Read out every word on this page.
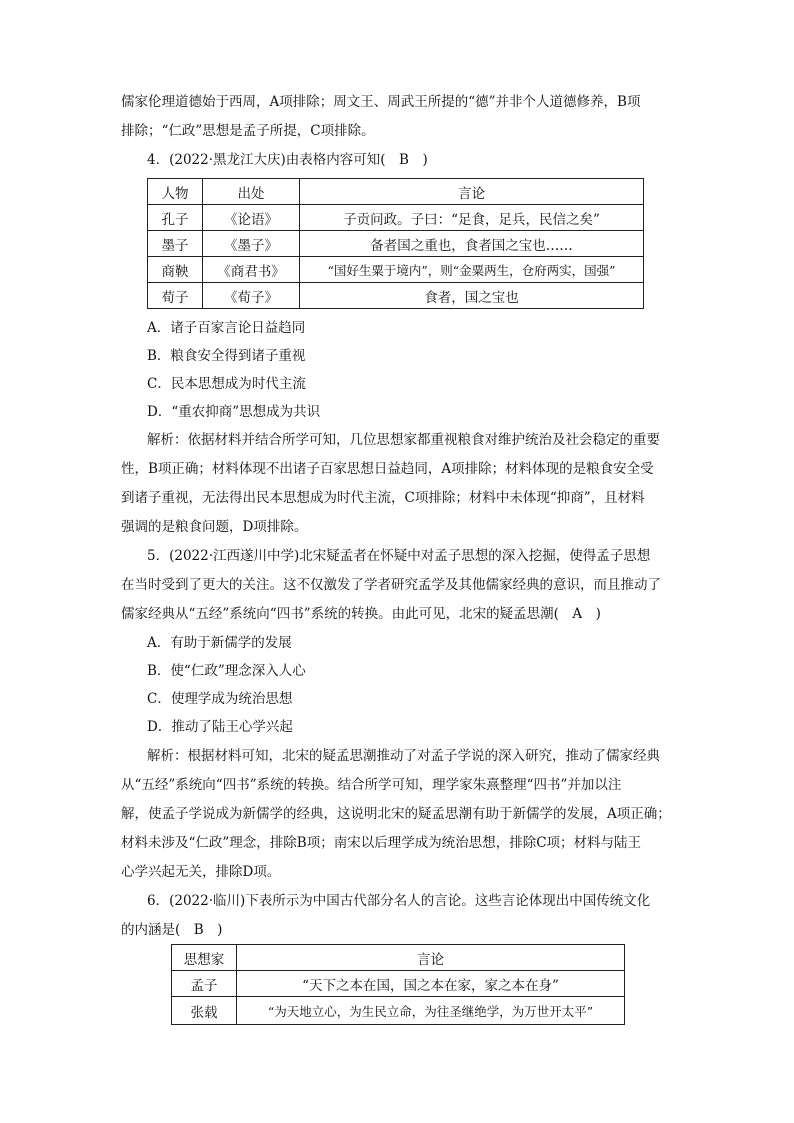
儒家伦理道德始于西周，A项排除；周文王、周武王所提的“德”并非个人道德修养，B项
排除；“仁政”思想是孟子所提，C项排除。
4．(2022·黑龙江大庆)由表格内容可知(　B　)
人物	出处	言论
孔子	《论语》	子贡问政。子曰：“足食，足兵，民信之矣”
墨子	《墨子》	备者国之重也，食者国之宝也……
商鞅	《商君书》	“国好生粟于境内”，则“金粟两生，仓府两实，国强”
荀子	《荀子》	食者，国之宝也
A．诸子百家言论日益趋同
B．粮食安全得到诸子重视
C．民本思想成为时代主流
D．“重农抑商”思想成为共识
解析：依据材料并结合所学可知，几位思想家都重视粮食对维护统治及社会稳定的重要
性，B项正确；材料体现不出诸子百家思想日益趋同，A项排除；材料体现的是粮食安全受
到诸子重视，无法得出民本思想成为时代主流，C项排除；材料中未体现“抑商”，且材料
强调的是粮食问题，D项排除。
5．(2022·江西遂川中学)北宋疑孟者在怀疑中对孟子思想的深入挖掘，使得孟子思想
在当时受到了更大的关注。这不仅激发了学者研究孟学及其他儒家经典的意识，而且推动了
儒家经典从“五经”系统向“四书”系统的转换。由此可见，北宋的疑孟思潮(　A　)
A．有助于新儒学的发展
B．使“仁政”理念深入人心
C．使理学成为统治思想
D．推动了陆王心学兴起
解析：根据材料可知，北宋的疑孟思潮推动了对孟子学说的深入研究，推动了儒家经典
从“五经”系统向“四书”系统的转换。结合所学可知，理学家朱熹整理“四书”并加以注
解，使孟子学说成为新儒学的经典，这说明北宋的疑孟思潮有助于新儒学的发展，A项正确；
材料未涉及“仁政”理念，排除B项；南宋以后理学成为统治思想，排除C项；材料与陆王
心学兴起无关，排除D项。
6．(2022·临川)下表所示为中国古代部分名人的言论。这些言论体现出中国传统文化
的内涵是(　B　)
思想家	言论
孟子	“天下之本在国，国之本在家，家之本在身”
张载	“为天地立心，为生民立命，为往圣继绝学，为万世开太平”
